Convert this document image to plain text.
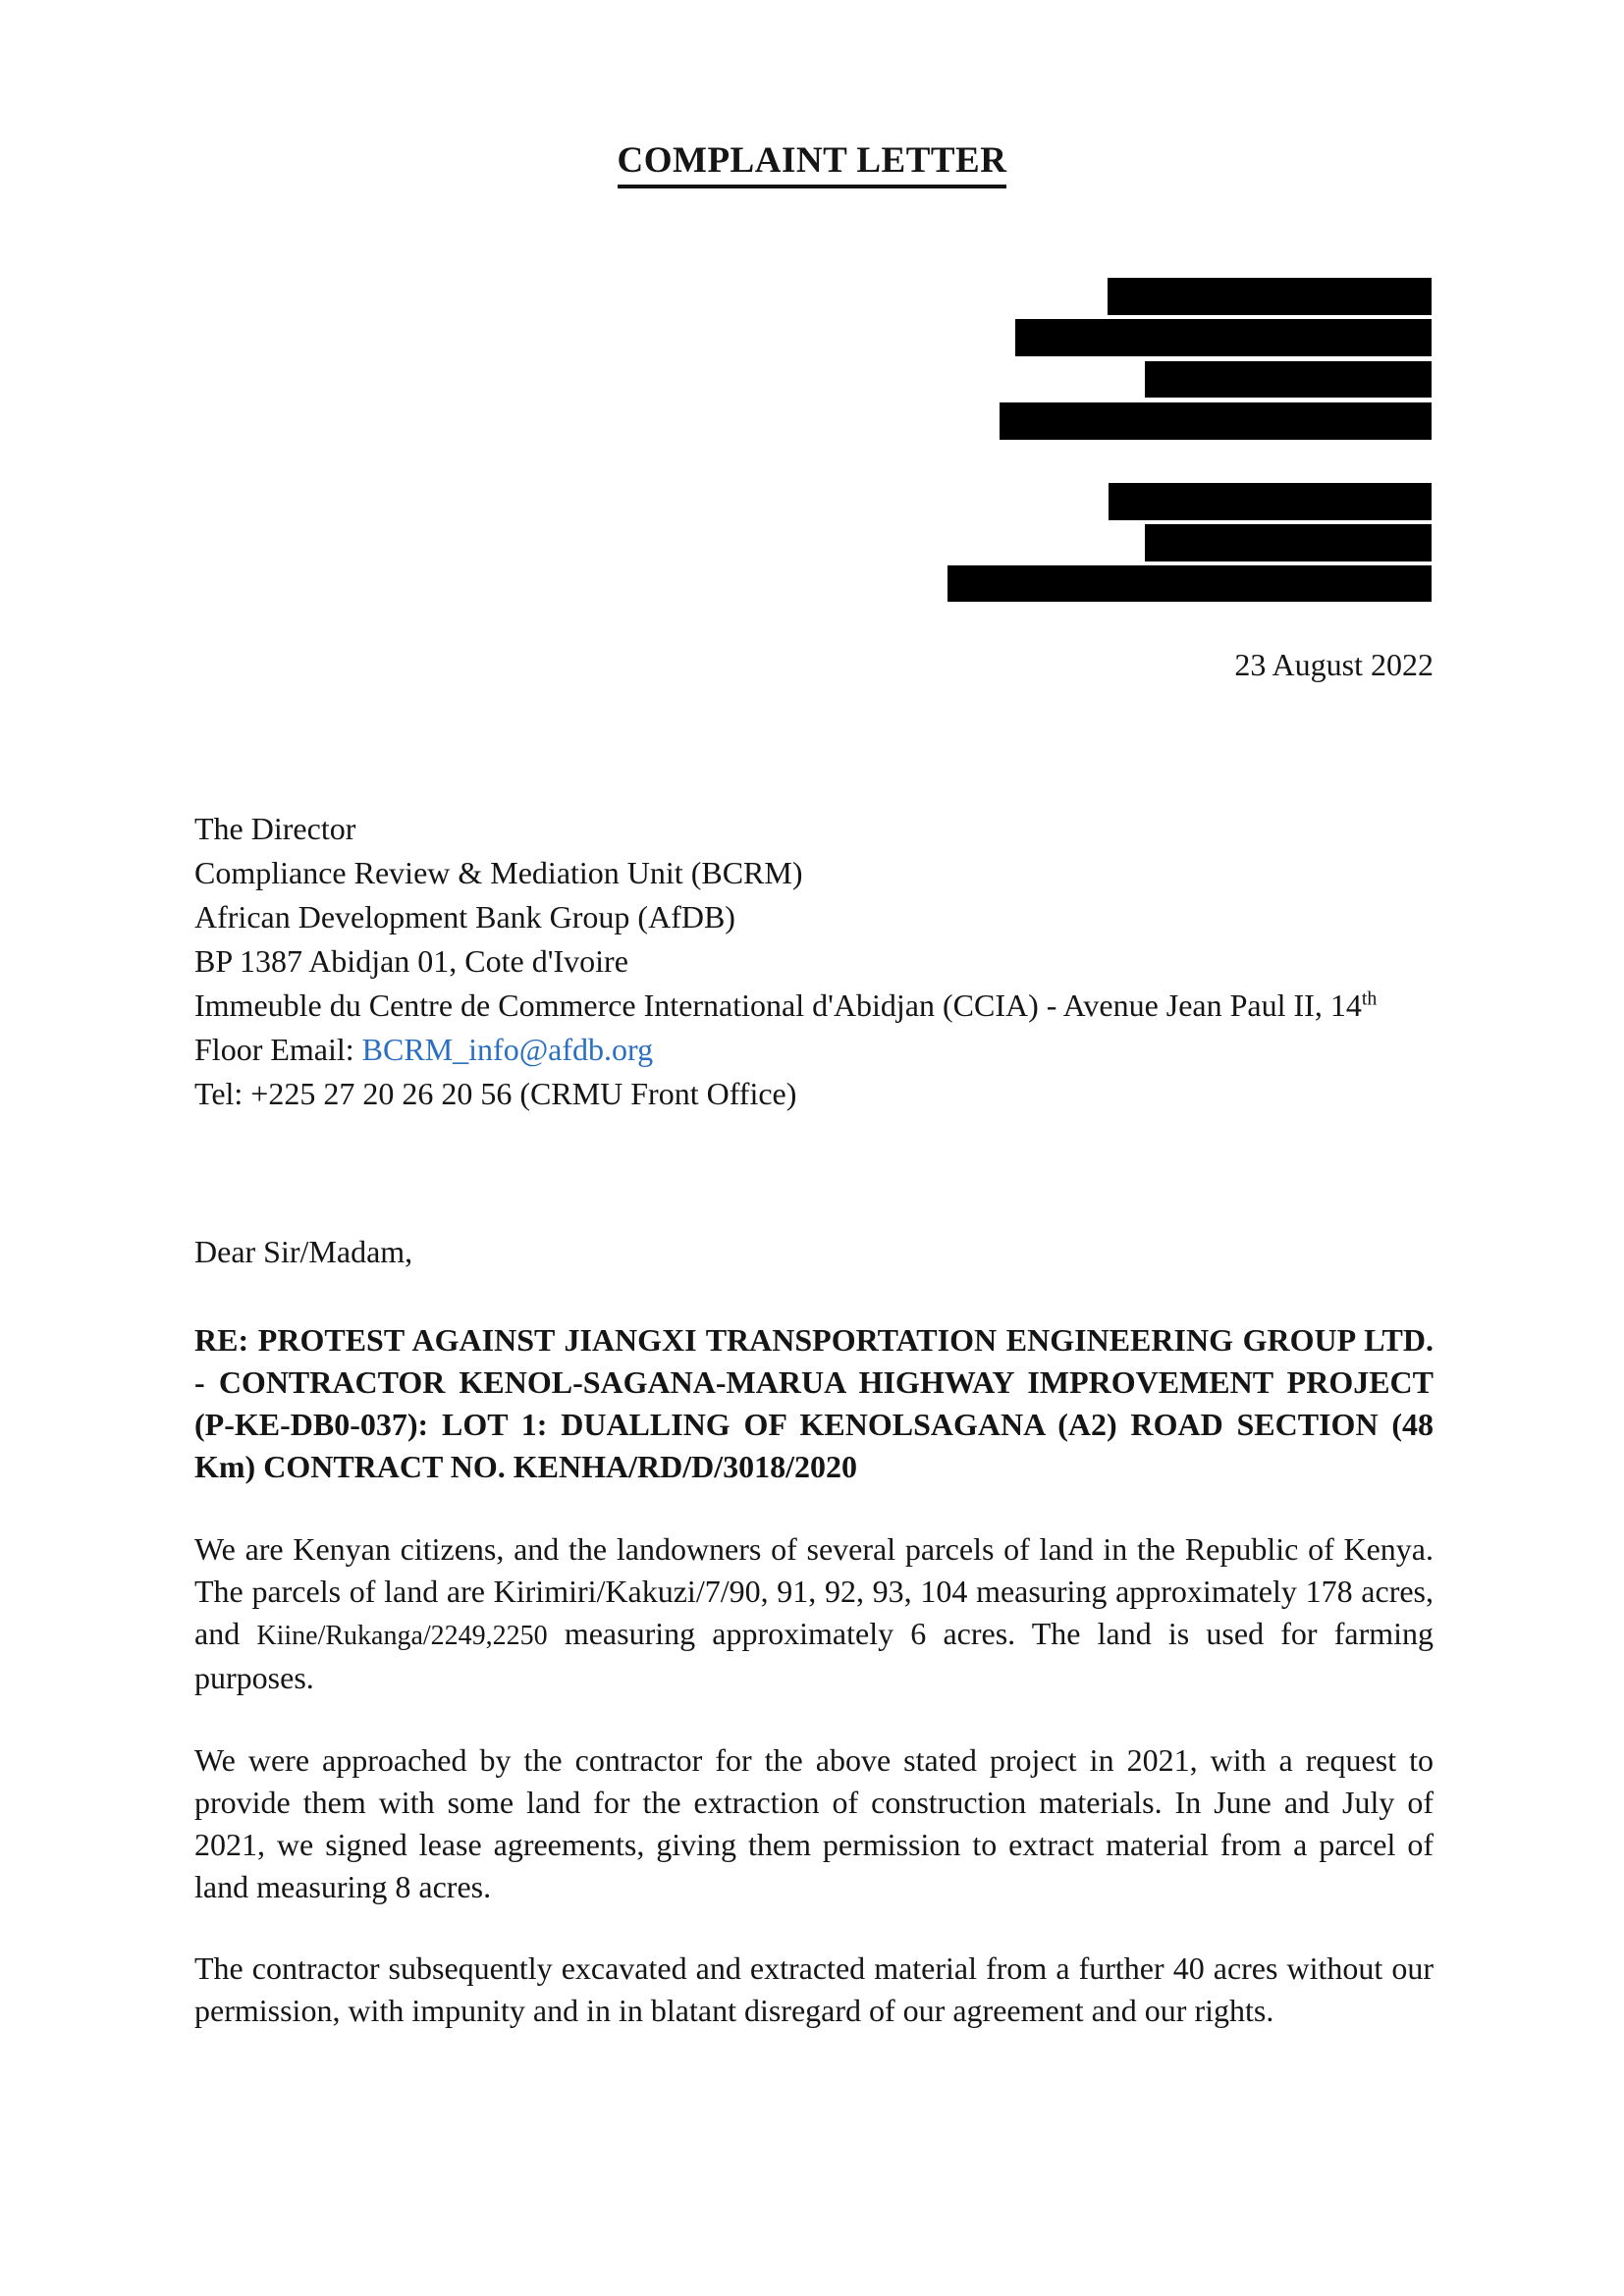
COMPLAINT LETTER
23 August 2022
The Director
Compliance Review & Mediation Unit (BCRM)
African Development Bank Group (AfDB)
BP 1387 Abidjan 01, Cote d'Ivoire
Immeuble du Centre de Commerce International d'Abidjan (CCIA) - Avenue Jean Paul II, 14th
Floor Email: BCRM_info@afdb.org
Tel: +225 27 20 26 20 56 (CRMU Front Office)
Dear Sir/Madam,
RE: PROTEST AGAINST JIANGXI TRANSPORTATION ENGINEERING GROUP LTD. - CONTRACTOR KENOL-SAGANA-MARUA HIGHWAY IMPROVEMENT PROJECT (P-KE-DB0-037): LOT 1: DUALLING OF KENOLSAGANA (A2) ROAD SECTION (48 Km) CONTRACT NO. KENHA/RD/D/3018/2020
We are Kenyan citizens, and the landowners of several parcels of land in the Republic of Kenya. The parcels of land are Kirimiri/Kakuzi/7/90, 91, 92, 93, 104 measuring approximately 178 acres, and Kiine/Rukanga/2249,2250 measuring approximately 6 acres. The land is used for farming purposes.
We were approached by the contractor for the above stated project in 2021, with a request to provide them with some land for the extraction of construction materials. In June and July of 2021, we signed lease agreements, giving them permission to extract material from a parcel of land measuring 8 acres.
The contractor subsequently excavated and extracted material from a further 40 acres without our permission, with impunity and in in blatant disregard of our agreement and our rights.
